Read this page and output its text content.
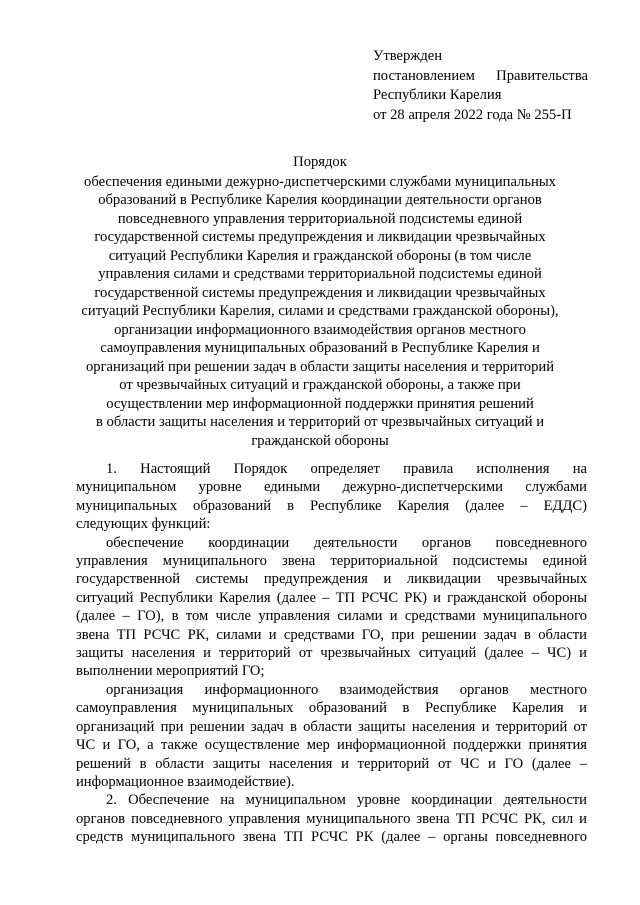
Утвержден
постановлением Правительства
Республики Карелия
от 28 апреля 2022 года № 255-П
Порядок
обеспечения едиными дежурно-диспетчерскими службами муниципальных
образований в Республике Карелия координации деятельности органов
повседневного управления территориальной подсистемы единой
государственной системы предупреждения и ликвидации чрезвычайных
ситуаций Республики Карелия и гражданской обороны (в том числе
управления силами и средствами территориальной подсистемы единой
государственной системы предупреждения и ликвидации чрезвычайных
ситуаций Республики Карелия, силами и средствами гражданской обороны),
организации информационного взаимодействия органов местного
самоуправления муниципальных образований в Республике Карелия и
организаций при решении задач в области защиты населения и территорий
от чрезвычайных ситуаций и гражданской обороны, а также при
осуществлении мер информационной поддержки принятия решений
в области защиты населения и территорий от чрезвычайных ситуаций и
гражданской обороны
1. Настоящий Порядок определяет правила исполнения на
муниципальном уровне едиными дежурно-диспетчерскими службами
муниципальных образований в Республике Карелия (далее – ЕДДС)
следующих функций:
обеспечение координации деятельности органов повседневного
управления муниципального звена территориальной подсистемы единой
государственной системы предупреждения и ликвидации чрезвычайных
ситуаций Республики Карелия (далее – ТП РСЧС РК) и гражданской обороны
(далее – ГО), в том числе управления силами и средствами муниципального
звена ТП РСЧС РК, силами и средствами ГО, при решении задач в области
защиты населения и территорий от чрезвычайных ситуаций (далее – ЧС) и
выполнении мероприятий ГО;
организация информационного взаимодействия органов местного
самоуправления муниципальных образований в Республике Карелия и
организаций при решении задач в области защиты населения и территорий от
ЧС и ГО, а также осуществление мер информационной поддержки принятия
решений в области защиты населения и территорий от ЧС и ГО (далее –
информационное взаимодействие).
2. Обеспечение на муниципальном уровне координации деятельности
органов повседневного управления муниципального звена ТП РСЧС РК, сил и
средств муниципального звена ТП РСЧС РК (далее – органы повседневного
